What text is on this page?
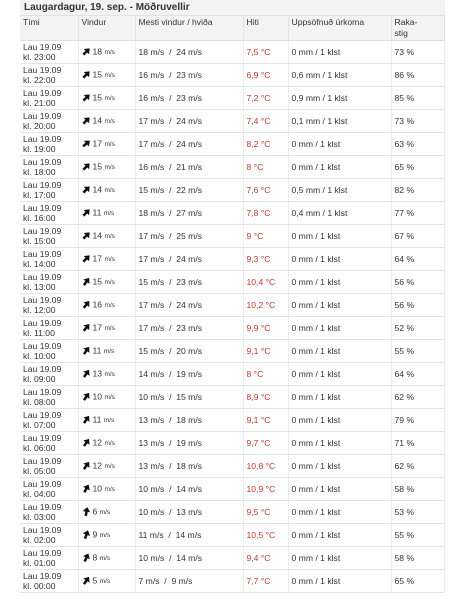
Laugardagur, 19. sep. - Möðruvellir
Tími	Vindur	Mesti vindur / hviða	Hiti	Uppsöfnuð úrkoma	Raka-
stig
Lau 19.09
kl. 23:00	18 m/s	18 m/s  /  24 m/s	7,5 °C	0 mm / 1 klst	73 %
Lau 19.09
kl. 22:00	15 m/s	16 m/s  /  23 m/s	6,9 °C	0,6 mm / 1 klst	86 %
Lau 19.09
kl. 21:00	15 m/s	16 m/s  /  23 m/s	7,2 °C	0,9 mm / 1 klst	85 %
Lau 19.09
kl. 20:00	14 m/s	17 m/s  /  24 m/s	7,4 °C	0,1 mm / 1 klst	73 %
Lau 19.09
kl. 19:00	17 m/s	17 m/s  /  24 m/s	8,2 °C	0 mm / 1 klst	63 %
Lau 19.09
kl. 18:00	15 m/s	16 m/s  /  21 m/s	8 °C	0 mm / 1 klst	65 %
Lau 19.09
kl. 17:00	14 m/s	15 m/s  /  22 m/s	7,6 °C	0,5 mm / 1 klst	82 %
Lau 19.09
kl. 16:00	11 m/s	18 m/s  /  27 m/s	7,8 °C	0,4 mm / 1 klst	77 %
Lau 19.09
kl. 15:00	14 m/s	17 m/s  /  25 m/s	9 °C	0 mm / 1 klst	67 %
Lau 19.09
kl. 14:00	17 m/s	17 m/s  /  24 m/s	9,3 °C	0 mm / 1 klst	64 %
Lau 19.09
kl. 13:00	15 m/s	15 m/s  /  23 m/s	10,4 °C	0 mm / 1 klst	56 %
Lau 19.09
kl. 12:00	16 m/s	17 m/s  /  24 m/s	10,2 °C	0 mm / 1 klst	56 %
Lau 19.09
kl. 11:00	17 m/s	17 m/s  /  23 m/s	9,9 °C	0 mm / 1 klst	52 %
Lau 19.09
kl. 10:00	11 m/s	15 m/s  /  20 m/s	9,1 °C	0 mm / 1 klst	55 %
Lau 19.09
kl. 09:00	13 m/s	14 m/s  /  19 m/s	8 °C	0 mm / 1 klst	64 %
Lau 19.09
kl. 08:00	10 m/s	10 m/s  /  15 m/s	8,9 °C	0 mm / 1 klst	62 %
Lau 19.09
kl. 07:00	11 m/s	13 m/s  /  18 m/s	9,1 °C	0 mm / 1 klst	79 %
Lau 19.09
kl. 06:00	12 m/s	13 m/s  /  19 m/s	9,7 °C	0 mm / 1 klst	71 %
Lau 19.09
kl. 05:00	12 m/s	13 m/s  /  18 m/s	10,8 °C	0 mm / 1 klst	62 %
Lau 19.09
kl. 04:00	10 m/s	10 m/s  /  14 m/s	10,9 °C	0 mm / 1 klst	58 %
Lau 19.09
kl. 03:00	6 m/s	10 m/s  /  13 m/s	9,5 °C	0 mm / 1 klst	53 %
Lau 19.09
kl. 02:00	9 m/s	11 m/s  /  14 m/s	10,5 °C	0 mm / 1 klst	55 %
Lau 19.09
kl. 01:00	8 m/s	10 m/s  /  14 m/s	9,4 °C	0 mm / 1 klst	58 %
Lau 19.09
kl. 00:00	5 m/s	7 m/s  /  9 m/s	7,7 °C	0 mm / 1 klst	65 %
